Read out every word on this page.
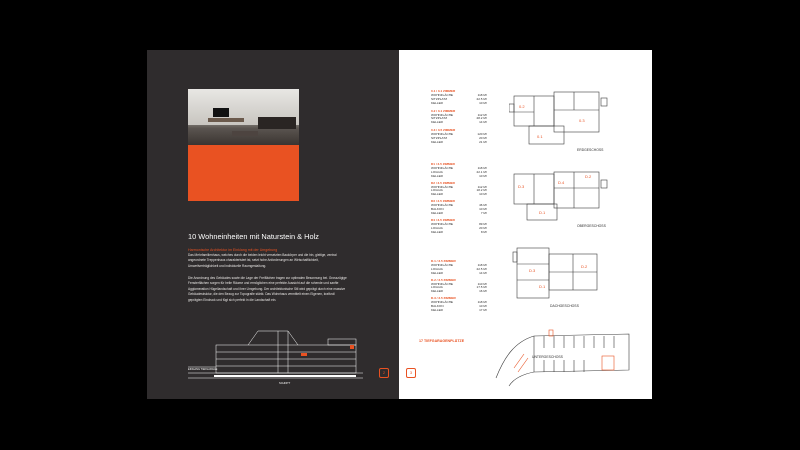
10 Wohneinheiten mit Naturstein & Holz
Harmonische Architektur im Einklang mit der Umgebung
Das Mehrfamilienhaus, welches durch die beiden leicht versetzten Baukörper und die hin, gleitige, zentral angeordnete Treppenhaus charakterisiert ist, setzt hohe Anforderungen an Wirtschaftlichkeit, Umweltverträglichkeit und individuelle Raumgestaltung.
Die Anordnung des Gebäudes sowie die Lage der Freiflächen tragen zur optimalen Besonnung bei. Grosszügige Fensterflächen sorgen für helle Räume und ermöglichen eine perfekte Aussicht auf die ruhende und sanfte Agglomeration Hügellandschaft und ihrer Umgebung. Der architektonische Stil wird geprägt durch eine massive Gebäudestruktur, die den Bezug zur Topografie stärkt. Das Wohnhaus vermittelt einen Eigenen, kraftvoll geprägten Eindruck und fügt sich perfekt in die Landschaft ein.
EINGANG TIEFGARAGE
SCHNITT
2	3
0.1 / 3.1 ZIMMER
WOHNFLÄCHE	118 M²
SITZPLATZ	22.5 M²
KELLER	10 M²
0.2 / 3.1 ZIMMER
WOHNFLÄCHE	112 M²
SITZPLATZ	28.2 M²
KELLER	14 M²
0.3 / 3.5 ZIMMER
WOHNFLÄCHE	120 M²
SITZPLATZ	20 M²
KELLER	21 M²
0.2
0.3
0.1
ERDGESCHOSS
D1 / 3.5 ZIMMER
WOHNFLÄCHE	118 M²
LOGGIA	22.1 M²
KELLER	10 M²
D2 / 3.5 ZIMMER
WOHNFLÄCHE	112 M²
LOGGIA	18.2 M²
KELLER	10 M²
D3 / 2.5 ZIMMER
WOHNFLÄCHE	46 M²
BALKON	10 M²
KELLER	7 M²
D4 / 3.5 ZIMMER
WOHNFLÄCHE	89 M²
LOGGIA	20 M²
KELLER	8 M²
D.3
D.4
D.2
D.1
OBERGESCHOSS
D.1 / 3.5 ZIMMER
WOHNFLÄCHE	118 M²
LOGGIA	22.5 M²
KELLER	14 M²
D.2 / 3.5 ZIMMER
WOHNFLÄCHE	110 M²
LOGGIA	17.5 M²
KELLER	16 M²
D.3 / 3.5 ZIMMER
WOHNFLÄCHE	118 M²
BALKON	10 M²
KELLER	17 M²
D.3
D.2
D.1
DACHGESCHOSS
17 TIEFGARAGENPLÄTZE
UNTERGESCHOSS
